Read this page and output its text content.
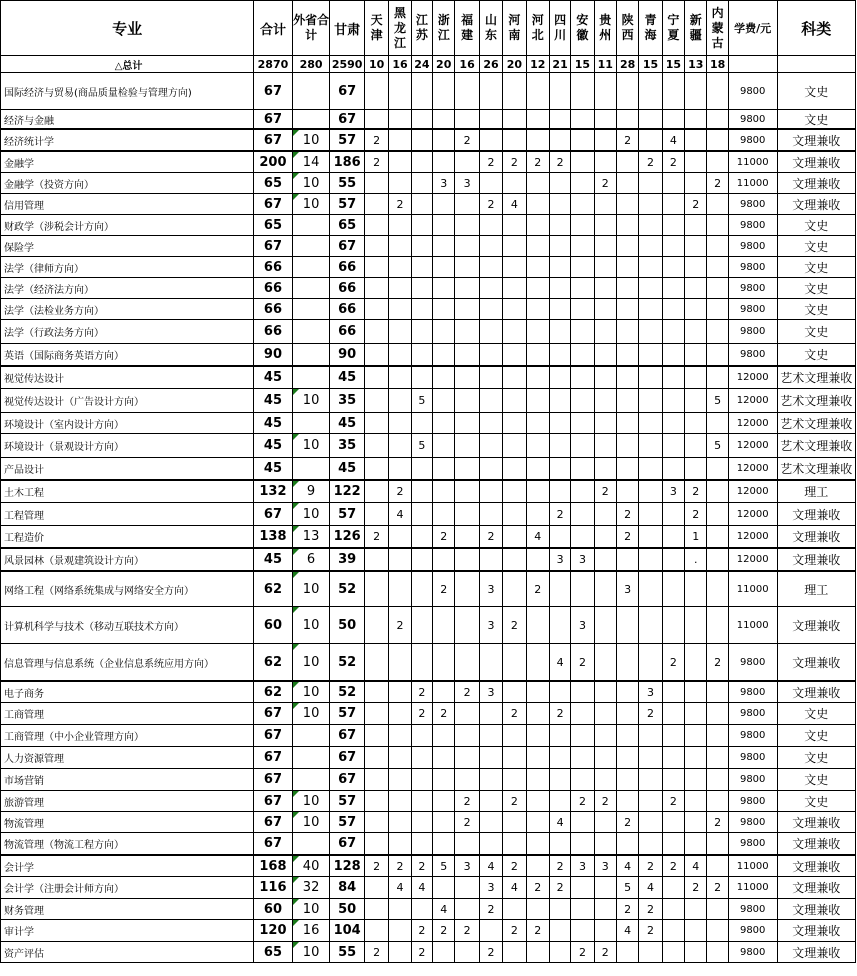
专业	合计	外省合计	甘肃	天津	黑龙江	江苏	浙江	福建	山东	河南	河北	四川	安徽	贵州	陕西	青海	宁夏	新疆	内蒙古	学费/元	科类
△总计	2870	280	2590	10	16	24	20	16	26	20	12	21	15	11	28	15	15	13	18		
国际经济与贸易(商品质量检验与管理方向)	67		67																	9800	文史
经济与金融	67		67																	9800	文史
经济统计学	67	10	57	2				2							2		4			9800	文理兼收
金融学	200	14	186	2					2	2	2	2				2	2			11000	文理兼收
金融学（投资方向）	65	10	55				3	3						2					2	11000	文理兼收
信用管理	67	10	57		2				2	4								2		9800	文理兼收
财政学（涉税会计方向）	65		65																	9800	文史
保险学	67		67																	9800	文史
法学（律师方向）	66		66																	9800	文史
法学（经济法方向）	66		66																	9800	文史
法学（法检业务方向）	66		66																	9800	文史
法学（行政法务方向）	66		66																	9800	文史
英语（国际商务英语方向）	90		90																	9800	文史
视觉传达设计	45		45																	12000	艺术文理兼收
视觉传达设计（广告设计方向）	45	10	35			5													5	12000	艺术文理兼收
环境设计（室内设计方向）	45		45																	12000	艺术文理兼收
环境设计（景观设计方向）	45	10	35			5													5	12000	艺术文理兼收
产品设计	45		45																	12000	艺术文理兼收
土木工程	132	9	122		2									2			3	2		12000	理工
工程管理	67	10	57		4							2			2			2		12000	文理兼收
工程造价	138	13	126	2			2		2		4				2			1		12000	文理兼收
风景园林（景观建筑设计方向）	45	6	39									3	3					.		12000	文理兼收
网络工程（网络系统集成与网络安全方向）	62	10	52				2		3		2				3					11000	理工
计算机科学与技术（移动互联技术方向）	60	10	50		2				3	2			3							11000	文理兼收
信息管理与信息系统（企业信息系统应用方向）	62	10	52									4	2				2		2	9800	文理兼收
电子商务	62	10	52			2		2	3							3				9800	文理兼收
工商管理	67	10	57			2	2			2		2				2				9800	文史
工商管理（中小企业管理方向）	67		67																	9800	文史
人力资源管理	67		67																	9800	文史
市场营销	67		67																	9800	文史
旅游管理	67	10	57					2		2			2	2			2			9800	文史
物流管理	67	10	57					2				4			2				2	9800	文理兼收
物流管理（物流工程方向）	67		67																	9800	文理兼收
会计学	168	40	128	2	2	2	5	3	4	2		2	3	3	4	2	2	4		11000	文理兼收
会计学（注册会计师方向）	116	32	84		4	4			3	4	2	2			5	4		2	2	11000	文理兼收
财务管理	60	10	50				4		2						2	2				9800	文理兼收
审计学	120	16	104			2	2	2		2	2				4	2				9800	文理兼收
资产评估	65	10	55	2		2			2				2	2						9800	文理兼收
